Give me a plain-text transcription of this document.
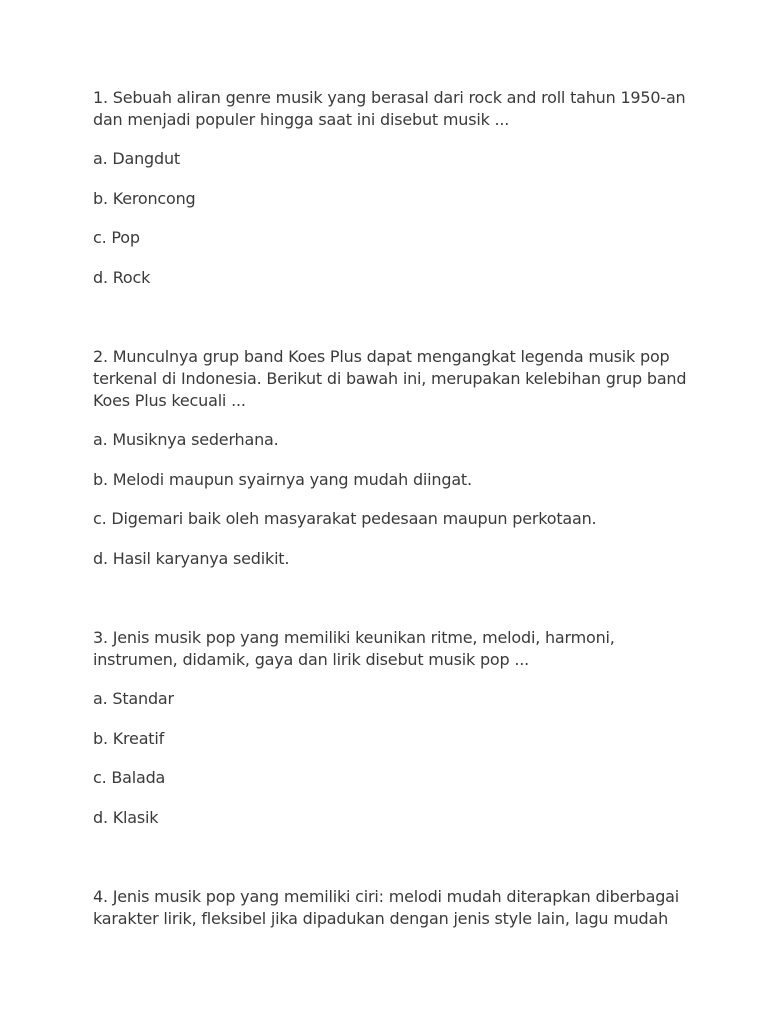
1. Sebuah aliran genre musik yang berasal dari rock and roll tahun 1950-an dan menjadi populer hingga saat ini disebut musik ...

a. Dangdut

b. Keroncong

c. Pop

d. Rock

2. Munculnya grup band Koes Plus dapat mengangkat legenda musik pop terkenal di Indonesia. Berikut di bawah ini, merupakan kelebihan grup band Koes Plus kecuali ...

a. Musiknya sederhana.

b. Melodi maupun syairnya yang mudah diingat.

c. Digemari baik oleh masyarakat pedesaan maupun perkotaan.

d. Hasil karyanya sedikit.

3. Jenis musik pop yang memiliki keunikan ritme, melodi, harmoni, instrumen, didamik, gaya dan lirik disebut musik pop ...

a. Standar

b. Kreatif

c. Balada

d. Klasik

4. Jenis musik pop yang memiliki ciri: melodi mudah diterapkan diberbagai karakter lirik, fleksibel jika dipadukan dengan jenis style lain, lagu mudah
